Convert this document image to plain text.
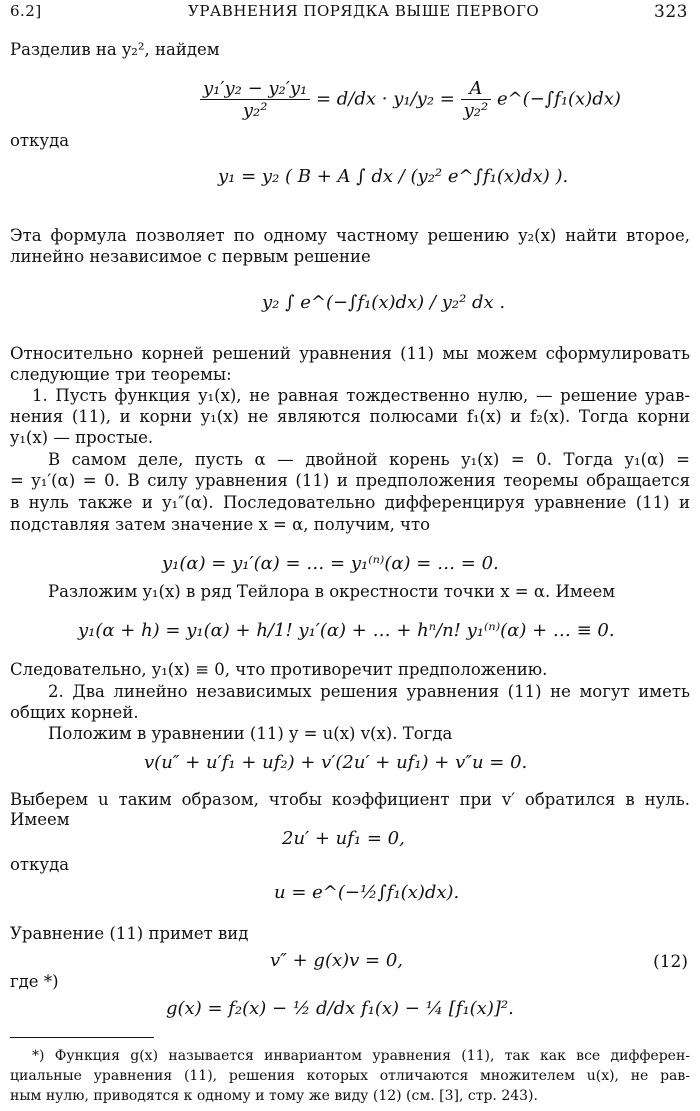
6.2]	УРАВНЕНИЯ ПОРЯДКА ВЫШЕ ПЕРВОГО	323
Разделив на y₂², найдем
$\frac{\text{y₁′y₂ − y₂′y₁}}{\text{y₂²}} = d/dx \cdot y_1/y_2 = \frac{A}{\text{y₂²}}$ e^(−∫f₁(x)dx)
откуда
y₁ = y₂ ( B + A ∫ dx / (y₂² e^∫f₁(x)dx) ).
Эта формула позволяет по одному частному решению y₂(x) найти второе,
линейно независимое с первым решение
y₂ ∫ e^(−∫f₁(x)dx) / y₂² dx .
Относительно корней решений уравнения (11) мы можем сформулировать
следующие три теоремы:
1. Пусть функция y₁(x), не равная тождественно нулю, — решение урав-
нения (11), и корни y₁(x) не являются полюсами f₁(x) и f₂(x). Тогда корни
y₁(x) — простые.
В самом деле, пусть α — двойной корень y₁(x) = 0. Тогда y₁(α) =
= y₁′(α) = 0. В силу уравнения (11) и предположения теоремы обращается
в нуль также и y₁″(α). Последовательно дифференцируя уравнение (11) и
подставляя затем значение x = α, получим, что
y₁(α) = y₁′(α) = … = y₁⁽ⁿ⁾(α) = … = 0.
Разложим y₁(x) в ряд Тейлора в окрестности точки x = α. Имеем
y₁(α + h) = y₁(α) + h/1! y₁′(α) + … + hⁿ/n! y₁⁽ⁿ⁾(α) + … ≡ 0.
Следовательно, y₁(x) ≡ 0, что противоречит предположению.
2. Два линейно независимых решения уравнения (11) не могут иметь
общих корней.
Положим в уравнении (11) y = u(x) v(x). Тогда
v(u″ + u′f₁ + uf₂) + v′(2u′ + uf₁) + v″u = 0.
Выберем u таким образом, чтобы коэффициент при v′ обратился в нуль.
Имеем
2u′ + uf₁ = 0,
откуда
u = e^(−½∫f₁(x)dx).
Уравнение (11) примет вид
v″ + g(x)v = 0,	(12)
где *)
g(x) = f₂(x) − ½ d/dx f₁(x) − ¼ [f₁(x)]².
*) Функция g(x) называется инвариантом уравнения (11), так как все дифферен-
циальные уравнения (11), решения которых отличаются множителем u(x), не рав-
ным нулю, приводятся к одному и тому же виду (12) (см. [3], стр. 243).
